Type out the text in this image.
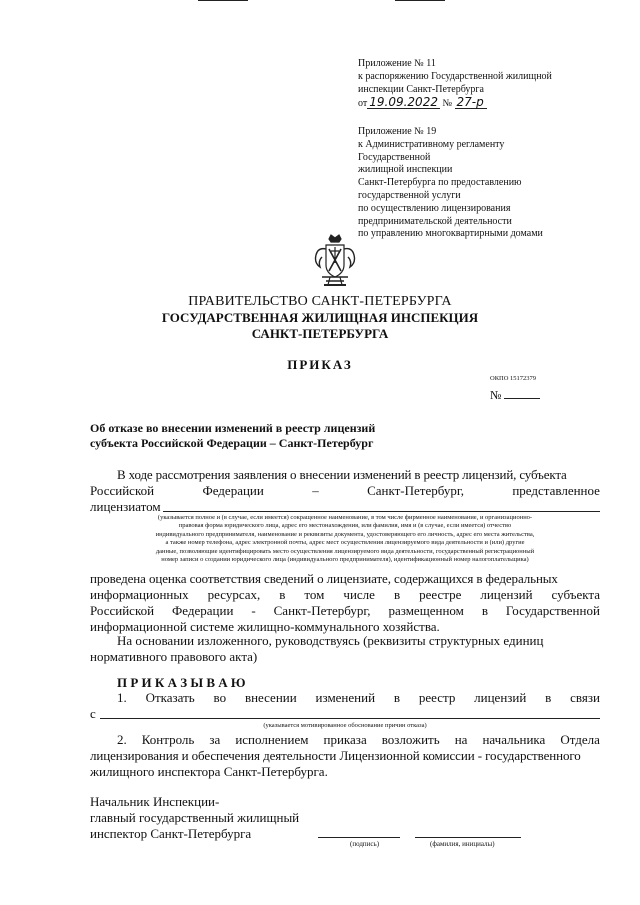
Приложение № 11
к распоряжению Государственной жилищной
инспекции Санкт-Петербурга
от 19.09.2022 № 27-р
Приложение № 19
к Административному регламенту
Государственной
жилищной инспекции
Санкт-Петербурга по предоставлению
государственной услуги
по осуществлению лицензирования
предпринимательской деятельности
по управлению многоквартирными домами
ПРАВИТЕЛЬСТВО САНКТ-ПЕТЕРБУРГА
ГОСУДАРСТВЕННАЯ ЖИЛИЩНАЯ ИНСПЕКЦИЯ
САНКТ-ПЕТЕРБУРГА
ПРИКАЗ
ОКПО 15172379
№
Об отказе во внесении изменений в реестр лицензий
субъекта Российской Федерации – Санкт-Петербург
В ходе рассмотрения заявления о внесении изменений в реестр лицензий, субъекта
Российской	Федерации	–	Санкт-Петербург,	представленное
лицензиатом
(указывается полное и (в случае, если имеется) сокращенное наименование, в том числе фирменное наименование, и организационно-
правовая форма юридического лица, адрес его местонахождения, или фамилия, имя и (в случае, если имеется) отчество
индивидуального предпринимателя, наименование и реквизиты документа, удостоверяющего его личность, адрес его места жительства,
а также номер телефона, адрес электронной почты, адрес мест осуществления лицензируемого вида деятельности и (или) другие
данные, позволяющие идентифицировать место осуществления лицензируемого вида деятельности, государственный регистрационный
номер записи о создании юридического лица (индивидуального предпринимателя), идентификационный номер налогоплательщика)
проведена оценка соответствия сведений о лицензиате, содержащихся в федеральных
информационных ресурсах, в том числе в реестре лицензий субъекта
Российской Федерации - Санкт-Петербург, размещенном в Государственной
информационной системе жилищно-коммунального хозяйства.
На основании изложенного, руководствуясь (реквизиты структурных единиц
нормативного правового акта)
П Р И К А З Ы В А Ю
1. Отказать во внесении изменений в реестр лицензий в связи
с
(указывается мотивированное обоснование причин отказа)
2. Контроль за исполнением приказа возложить на начальника Отдела
лицензирования и обеспечения деятельности Лицензионной комиссии - государственного
жилищного инспектора Санкт-Петербурга.
Начальник Инспекции-
главный государственный жилищный
инспектор Санкт-Петербурга
(подпись)	(фамилия, инициалы)
